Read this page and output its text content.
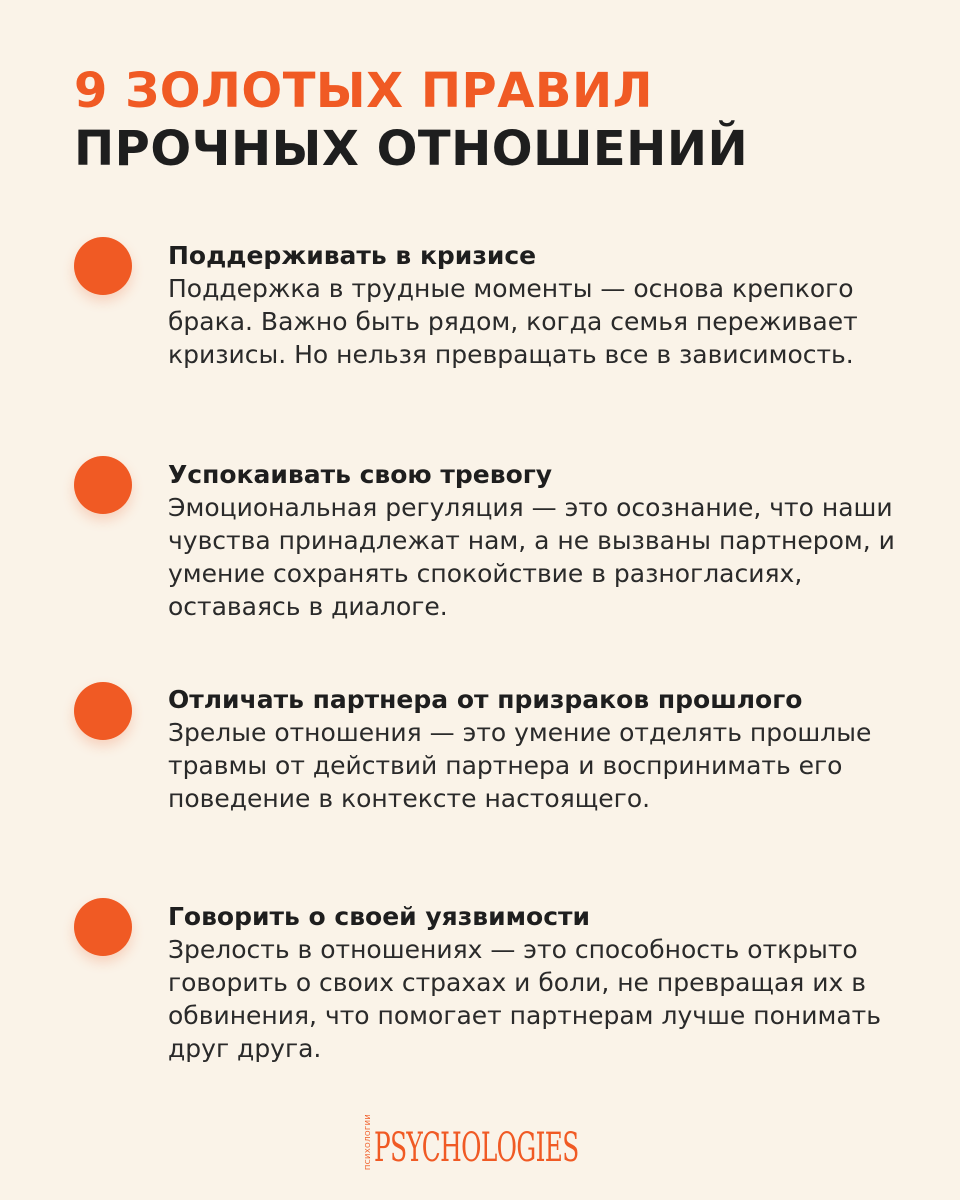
9 ЗОЛОТЫХ ПРАВИЛ
ПРОЧНЫХ ОТНОШЕНИЙ

Поддерживать в кризисе

Поддержка в трудные моменты — основа крепкого брака. Важно быть рядом, когда семья переживает кризисы. Но нельзя превращать все в зависимость.

Успокаивать свою тревогу

Эмоциональная регуляция — это осознание, что наши чувства принадлежат нам, а не вызваны партнером, и умение сохранять спокойствие в разногласиях, оставаясь в диалоге.

Отличать партнера от призраков прошлого

Зрелые отношения — это умение отделять прошлые травмы от действий партнера и воспринимать его поведение в контексте настоящего.

Говорить о своей уязвимости

Зрелость в отношениях — это способность открыто говорить о своих страхах и боли, не превращая их в обвинения, что помогает партнерам лучше понимать друг друга.

ПСИХОЛОГИИ PSYCHOLOGIES
